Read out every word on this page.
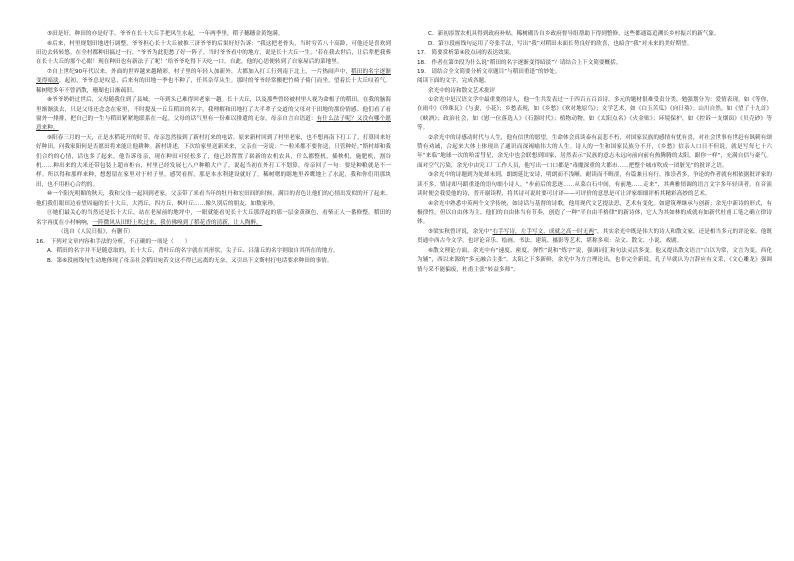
⑤田是好，种田的亦是好手。爷爷在长十大丘手把风生水起，一年两季里，稻子穗穗金黄饱满。

⑥后来，村里规划田地进行调整，爷爷担心长十大丘被推三济爷爷的后果好好告诉：“我这把老骨头，当时穷苦八十高龄，可他还是喜欢到田边去转转悠。在全村都种田搞过一行，“爷爷为此犯愁了好一阵子。当时爷爷看中的地方，说是长十大丘一生，‘若在我去世后，让后辈把我葬在长十大丘的那个心眼！现在种田也有新法子了呢！’给爷爷吃得下天吃一口。自此，他的心思便转到了自家屋后的菜地里。

⑦自上世纪90年代以来，外面的世界越来越精彩，村子里的年轻人加新外，大都加入打工行列南下北上。一片热闹声中，稻田的名字逐渐变得暗淡。起初，爷爷总是叹息，后来有的田地一季也不种了，任其杂草从生。那时的爷爷经常搬把竹椅子倚门而坐，望着长十大丘叹着气。稀树嗯多年不曾消散，珊瑚也日渐疏旧。

⑧爷爷奶奶过世后，父母随我住到了县城，一年到头已难得回老家一趟。长十大丘，以及那些曾经被村里人视为命根子的稻田，在我的脑海里渐渐淡去，只是父母还念念在家里，不时提及一丘丘稻田的名字，我理解和田地打了大半辈子交道的父母对于田地的那份情感。他们看了看窗外一排排，把自己的一生与稻田紧紧地联系在一起。父母的话气里有一份难以排遣的无奈，母亲自言自语道：有什么法子呢？又没有哪个愿意来种。

⑨阳春三月的一天，正是水稻花开的时节，母亲忽然接到了新村打来的电话。原来新村回到了村里老家，也不想再南下打工了，打算回来好好种田，问我家阳何是否愿田将来能让他耕种。新村讲述，下次给家里送新米来，父亲在一旁说：“一粒米都不要你送，只管种好。”斯村却和我们合约的心情，话也多了起来，他告诉母亲，现在种田可轻松多了，他已经置置了崭新的农机农具，什么都整机，插秧机，施肥机，割谷机……种出来的大米还带包装上超市柜台，村里已经发展七八户种粮大户了。说起当初在外打工不划算，母亲回了一句：要是种粮就是不一样。所以得和那样来种，想想留在家里对于村子里，感哭看挥，那是本水利建设就好了。稀树嗯的瞎地里养鹰地上了水泥，我和你们用那块田，也不用担心合约的。

⑩一个阳光明媚的秋天，我和父母一起回到老家。父亲带了米看当年的牡丹和宏田间的时候，满目的青色让他们的心情出发似的开了起来。他们我们眼田边看望周遍的长十大丘，大湾丘，四方丘，枫叶丘……像久别后的朋友，如数家珍。

⑪她们最关心的当然还是长十大丘，站在老屋前的地坪中，一眼就能看见长十大丘那浮起的那一层金黄颜色，看柴正人一番修整。稻田的名字再度在小村响响，一阵微风从田野上吹过来，我仿佛嗅到了稻花香的清新，让人陶醉。

（选自《人民日报》，有删节）

16.　下列对文章内容和手法的分析，不正确的一项是（　　）

A．稻田的名字并不是随意取的，长十大丘，背叶丘的名字就在其形状，尖子丘、吕蒲丘的名字则取自其所在的地方。

B．第⑥段画线句生动地体现了母亲社会稻田宛若文这不得已远离的无奈，又引出下文斯村打电话要求种田的事情。

C．新初添置农机具得到政府补贴，稀树砌告自乡政府督导组帮助下得到整修，这些都通篇追溯长乡村振兴的新气象。

D．第⑪段画线句运用了夸张手法，写出“我”对稻田未面长势良好的欣喜，也暗含“我”对未来的美好期望。

17.　简要赏析第④段点词的表达效果。

18.　作者在第⑦段为什么说“稻田的名字逐渐变得暗淡”？请结合上下文简要概括。

19.　请结合全文简要分析文章题目“与稻田重逢”的妙处。

阅读下面的文字，完成各题。

余光中的诗和散文艺术批评

①余光中是汉语文学中最重要的诗人，他一生共发表过一千四百五百首诗，多元的题材很难受责分类，勉强划分为：爱情表现，如《等你，在雨中》《珍珠瓦》《与妻，小花》；乡愁表现，如《乡愁》《欢对地原鸟》；文学艺术，如《白玉苦瓜》《向日葵》；山川自然，如《望了十九首》《峡酒》；政治社会，如《慰一位落选人》《石器时代》；植物动物，如《太阳点名》《火金贴》；环境保护，如《控诉一支烟囱》《贝壳砂》等等。

②余光中的诗感动时代与人生，他有信世的愿望，生命体会真谈泰有哀悲不朽，对国家民族的感情有忧有喜，对社会世事有世赶有讽刺有颂赞有劝诫，合起来大体上体现出了通识而深褐喻伟大的人生。诗人的一生和国家民族分不开，《乡愁》信亲人口日不但说，就是写每七十六年“来临”地球一次的哈雷彗星，余光中也会联想到国家，居然表示“民族的意志永远向前向前有热腾腾的太阳，跟你一样”，充满自信与豪气。面对空气污染，余光中由究工厂工作人员，他写出一口口都是“毒魔深重的大都市……把整个城市吹成一团脏光”的批评之语。

③余光中的诗题到为处却末到，朗朗延比安诗，明朗而不浅晰，耐读而不晦涩，有篇兼且有行，推崇者多，争论的作者就有相依据批评家的读不多。情诗却马蹈重逢的语句细小诗人，“步前后的悲逐……从菜白石中间，有前地……走来”，其典雅情调的语言文字多年轻读者。在音演读时便会我爱他的诗，普开谢读程，将其诗可说时要可讨译——可评价的意思是可让评家细细评析其精彩高妙的艺术。

④余光中熟悉中英两个文学传统，如诗话与基督的诗歌，他用现代文艺提法思，艺术有变化。如建筑理继承与创新；余光中新诗的形式，有极律性，但以自由体为主，他们的自由体当有节奏，创造了一种“半自由半格律”的新诗体，它人为其如林的成就有如新代杜甫工笔之确立律诗体。

⑤梁实秋曾评说，余光中“右手写诗，左手写文，成就之高一时无两”，其实余光中既是伟大的诗人和散文家，还是相当多元的评论家，他既贯通中西古今文学，也评论音乐、绘画、书法、建筑、摄影等艺术，堪称多项：杂文、散文、小说、戏剧。

⑥散文理论方面，余光中有“速度、密度、弹性”说和“炼字”说，强调词汇和句法灵活多变。他又提出散文语言“白以为常，文言为变，西化为辅”，西以来源的“多元融合主张”。太阳之下多新鲜，余光中为方言理论出，也非完全新说，孔子早就认为言辞应有文采，《文心雕龙》强调情与采不能偏废，杜甫主张“转益多师”。
